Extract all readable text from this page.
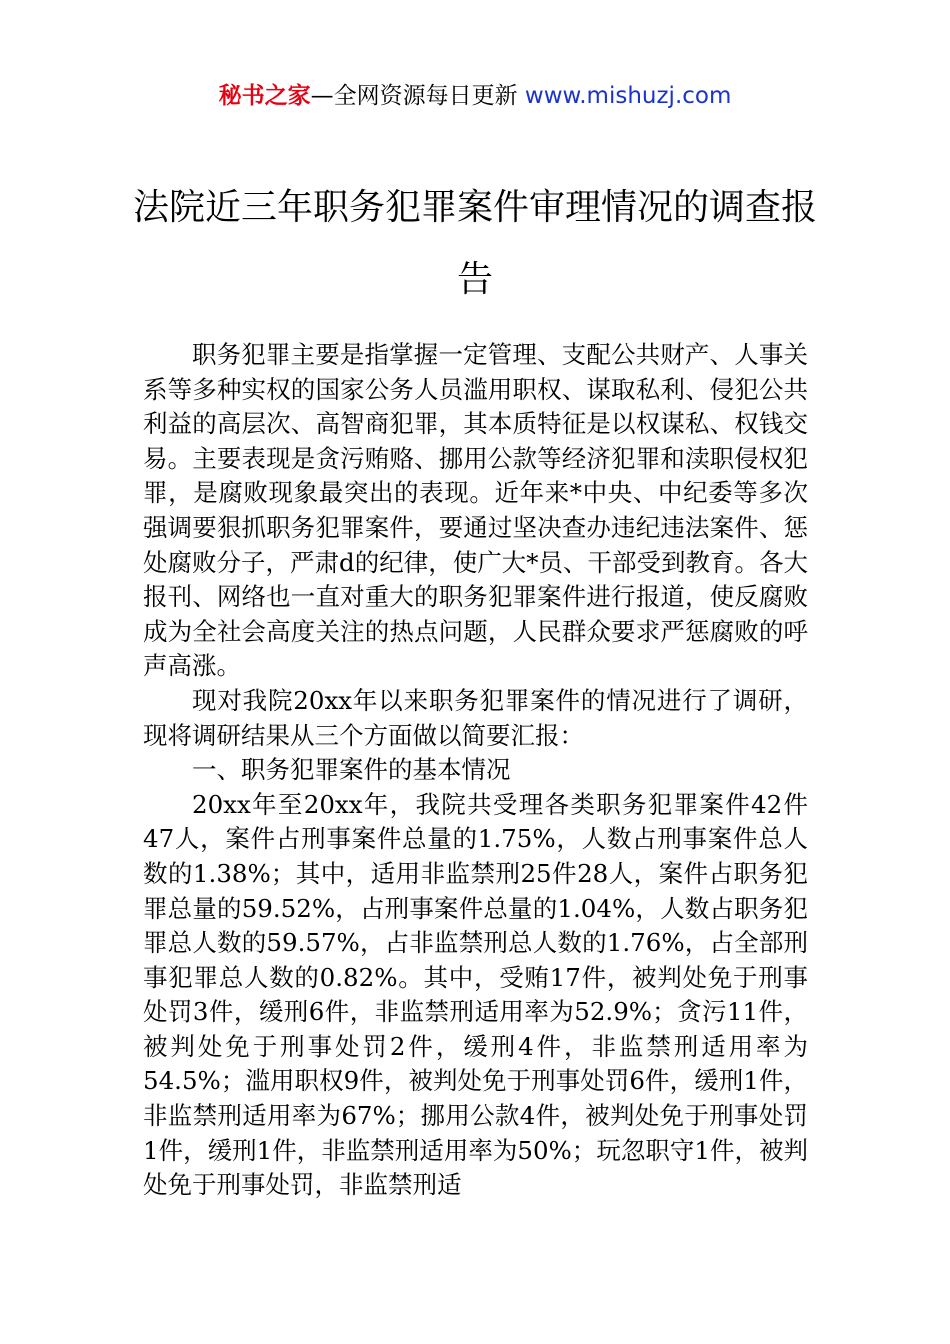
秘书之家—全网资源每日更新 www.mishuzj.com
法院近三年职务犯罪案件审理情况的调查报告

职务犯罪主要是指掌握一定管理、支配公共财产、人事关系等多种实权的国家公务人员滥用职权、谋取私利、侵犯公共利益的高层次、高智商犯罪，其本质特征是以权谋私、权钱交易。主要表现是贪污贿赂、挪用公款等经济犯罪和渎职侵权犯罪，是腐败现象最突出的表现。近年来*中央、中纪委等多次强调要狠抓职务犯罪案件，要通过坚决查办违纪违法案件、惩处腐败分子，严肃d的纪律，使广大*员、干部受到教育。各大报刊、网络也一直对重大的职务犯罪案件进行报道，使反腐败成为全社会高度关注的热点问题，人民群众要求严惩腐败的呼声高涨。

现对我院20xx年以来职务犯罪案件的情况进行了调研，现将调研结果从三个方面做以简要汇报：

一、职务犯罪案件的基本情况

20xx年至20xx年，我院共受理各类职务犯罪案件42件47人，案件占刑事案件总量的1.75%，人数占刑事案件总人数的1.38%；其中，适用非监禁刑25件28人，案件占职务犯罪总量的59.52%，占刑事案件总量的1.04%，人数占职务犯罪总人数的59.57%，占非监禁刑总人数的1.76%，占全部刑事犯罪总人数的0.82%。其中，受贿17件，被判处免于刑事处罚3件，缓刑6件，非监禁刑适用率为52.9%；贪污11件，被判处免于刑事处罚2件，缓刑4件，非监禁刑适用率为54.5%；滥用职权9件，被判处免于刑事处罚6件，缓刑1件，非监禁刑适用率为67%；挪用公款4件，被判处免于刑事处罚1件，缓刑1件，非监禁刑适用率为50%；玩忽职守1件，被判处免于刑事处罚，非监禁刑适
